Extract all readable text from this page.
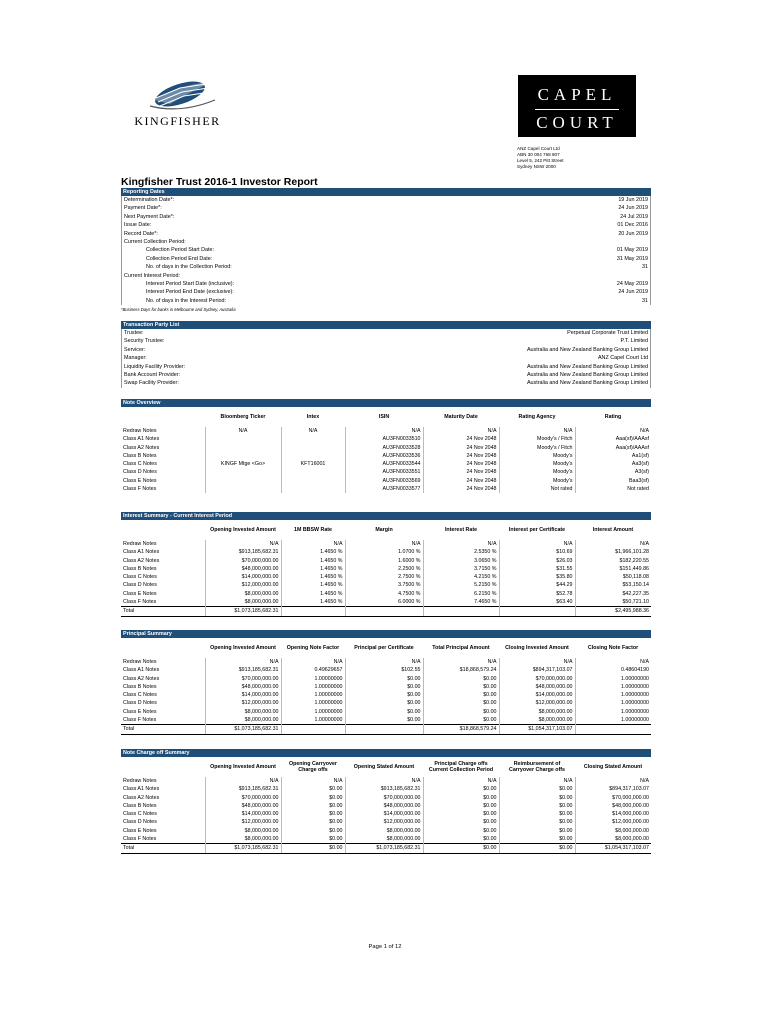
KINGFISHER
CAPEL
COURT
ANZ Capel Court Ltd
ABN 30 004 768 807
Level 5, 242 Pitt Street
Sydney NSW 2000
Kingfisher Trust 2016-1 Investor Report
Reporting Dates
Determination Date*:	19 Jun 2019
Payment Date*:	24 Jun 2019
Next Payment Date*:	24 Jul 2019
Issue Date:	01 Dec 2016
Record Date*:	20 Jun 2019
Current Collection Period:
Collection Period Start Date:	01 May 2019
Collection Period End Date:	31 May 2019
No. of days in the Collection Period:	31
Current Interest Period:
Interest Period Start Date (inclusive):	24 May 2019
Interest Period End Date (exclusive):	24 Jun 2019
No. of days in the Interest Period:	31
*Business Days for banks in Melbourne and Sydney, Australia
Transaction Party List
Trustee:	Perpetual Corporate Trust Limited
Security Trustee:	P.T. Limited
Servicer:	Australia and New Zealand Banking Group Limited
Manager:	ANZ Capel Court Ltd
Liquidity Facility Provider:	Australia and New Zealand Banking Group Limited
Bank Account Provider:	Australia and New Zealand Banking Group Limited
Swap Facility Provider:	Australia and New Zealand Banking Group Limited
Note Overview
	Bloomberg Ticker	Intex	ISIN	Maturity Date	Rating Agency	Rating
Redraw Notes	N/A	N/A	N/A	N/A	N/A	N/A
Class A1 Notes			AU3FN0033510	24 Nov 2048	Moody's / Fitch	Aaa(sf)/AAAsf
Class A2 Notes			AU3FN0033528	24 Nov 2048	Moody's / Fitch	Aaa(sf)/AAAsf
Class B Notes			AU3FN0033536	24 Nov 2048	Moody's	Aa1(sf)
Class C Notes	KINGF Mtge <Go>	KFT16001	AU3FN0033544	24 Nov 2048	Moody's	Aa3(sf)
Class D Notes			AU3FN0033551	24 Nov 2048	Moody's	A3(sf)
Class E Notes			AU3FN0033569	24 Nov 2048	Moody's	Baa3(sf)
Class F Notes			AU3FN0033577	24 Nov 2048	Not rated	Not rated
Interest Summary - Current Interest Period
	Opening Invested Amount	1M BBSW Rate	Margin	Interest Rate	Interest per Certificate	Interest Amount
Redraw Notes	N/A	N/A	N/A	N/A	N/A	N/A
Class A1 Notes	$913,185,682.31	1.4650 %	1.0700 %	2.5350 %	$10.69	$1,966,101.28
Class A2 Notes	$70,000,000.00	1.4650 %	1.6000 %	3.0650 %	$26.03	$182,220.55
Class B Notes	$48,000,000.00	1.4650 %	2.2500 %	3.7150 %	$31.55	$151,449.86
Class C Notes	$14,000,000.00	1.4650 %	2.7500 %	4.2150 %	$35.80	$50,118.08
Class D Notes	$12,000,000.00	1.4650 %	3.7500 %	5.2150 %	$44.29	$53,150.14
Class E Notes	$8,000,000.00	1.4650 %	4.7500 %	6.2150 %	$52.78	$42,227.35
Class F Notes	$8,000,000.00	1.4650 %	6.0000 %	7.4650 %	$63.40	$50,721.10
Total	$1,073,185,682.31					$2,495,988.36
Principal Summary
	Opening Invested Amount	Opening Note Factor	Principal per Certificate	Total Principal Amount	Closing Invested Amount	Closing Note Factor
Redraw Notes	N/A	N/A	N/A	N/A	N/A	N/A
Class A1 Notes	$913,185,682.31	0.49629657	$102.55	$18,868,579.24	$894,317,103.07	0.48604190
Class A2 Notes	$70,000,000.00	1.00000000	$0.00	$0.00	$70,000,000.00	1.00000000
Class B Notes	$48,000,000.00	1.00000000	$0.00	$0.00	$48,000,000.00	1.00000000
Class C Notes	$14,000,000.00	1.00000000	$0.00	$0.00	$14,000,000.00	1.00000000
Class D Notes	$12,000,000.00	1.00000000	$0.00	$0.00	$12,000,000.00	1.00000000
Class E Notes	$8,000,000.00	1.00000000	$0.00	$0.00	$8,000,000.00	1.00000000
Class F Notes	$8,000,000.00	1.00000000	$0.00	$0.00	$8,000,000.00	1.00000000
Total	$1,073,185,682.31			$18,868,579.24	$1,054,317,103.07	
Note Charge off Summary
	Opening Invested Amount	Opening Carryover Charge offs	Opening Stated Amount	Principal Charge offs Current Collection Period	Reimbursement of Carryover Charge offs	Closing Stated Amount
Redraw Notes	N/A	N/A	N/A	N/A	N/A	N/A
Class A1 Notes	$913,185,682.31	$0.00	$913,185,682.31	$0.00	$0.00	$894,317,103.07
Class A2 Notes	$70,000,000.00	$0.00	$70,000,000.00	$0.00	$0.00	$70,000,000.00
Class B Notes	$48,000,000.00	$0.00	$48,000,000.00	$0.00	$0.00	$48,000,000.00
Class C Notes	$14,000,000.00	$0.00	$14,000,000.00	$0.00	$0.00	$14,000,000.00
Class D Notes	$12,000,000.00	$0.00	$12,000,000.00	$0.00	$0.00	$12,000,000.00
Class E Notes	$8,000,000.00	$0.00	$8,000,000.00	$0.00	$0.00	$8,000,000.00
Class F Notes	$8,000,000.00	$0.00	$8,000,000.00	$0.00	$0.00	$8,000,000.00
Total	$1,073,185,682.31	$0.00	$1,073,185,682.31	$0.00	$0.00	$1,054,317,103.07
Page 1 of 12
